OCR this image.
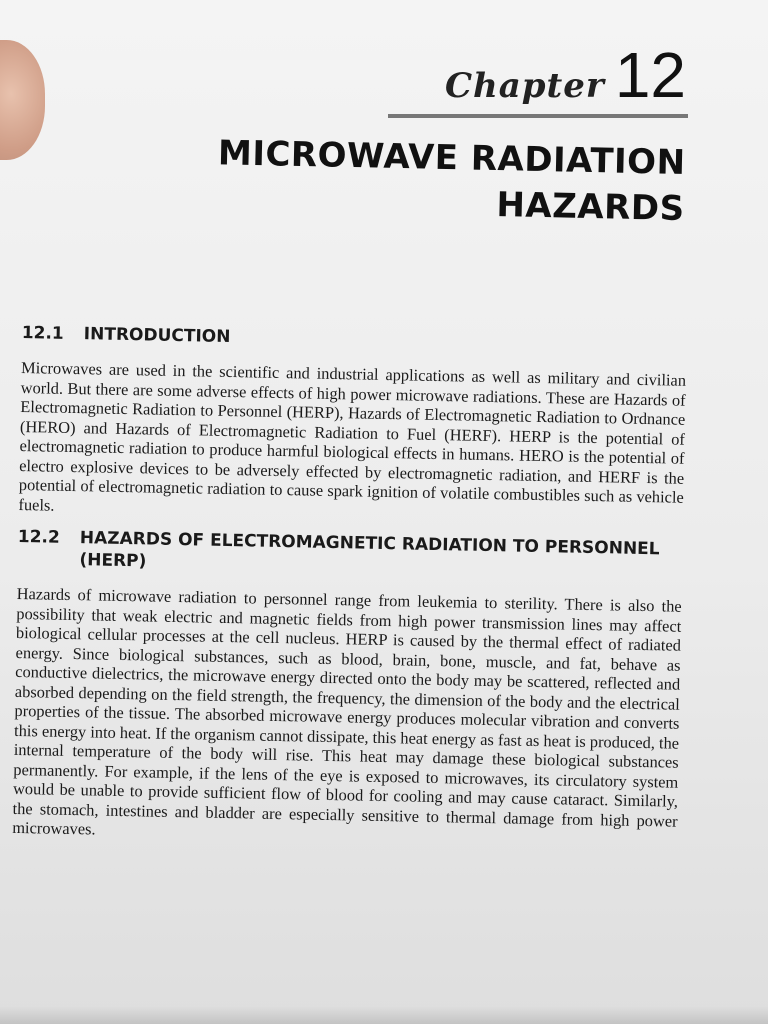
Chapter 12
MICROWAVE RADIATION
HAZARDS
12.1	INTRODUCTION

Microwaves are used in the scientific and industrial applications as well as military and civilian world. But there are some adverse effects of high power microwave radiations. These are Hazards of Electromagnetic Radiation to Personnel (HERP), Hazards of Electromagnetic Radiation to Ordnance (HERO) and Hazards of Electromagnetic Radiation to Fuel (HERF). HERP is the potential of electromagnetic radiation to produce harmful biological effects in humans. HERO is the potential of electro explosive devices to be adversely effected by electromagnetic radiation, and HERF is the potential of electromagnetic radiation to cause spark ignition of volatile combustibles such as vehicle fuels.

12.2	HAZARDS OF ELECTROMAGNETIC RADIATION TO PERSONNEL (HERP)

Hazards of microwave radiation to personnel range from leukemia to sterility. There is also the possibility that weak electric and magnetic fields from high power transmission lines may affect biological cellular processes at the cell nucleus. HERP is caused by the thermal effect of radiated energy. Since biological substances, such as blood, brain, bone, muscle, and fat, behave as conductive dielectrics, the microwave energy directed onto the body may be scattered, reflected and absorbed depending on the field strength, the frequency, the dimension of the body and the electrical properties of the tissue. The absorbed microwave energy produces molecular vibration and converts this energy into heat. If the organism cannot dissipate, this heat energy as fast as heat is produced, the internal temperature of the body will rise. This heat may damage these biological substances permanently. For example, if the lens of the eye is exposed to microwaves, its circulatory system would be unable to provide sufficient flow of blood for cooling and may cause cataract. Similarly, the stomach, intestines and bladder are especially sensitive to thermal damage from high power microwaves.
